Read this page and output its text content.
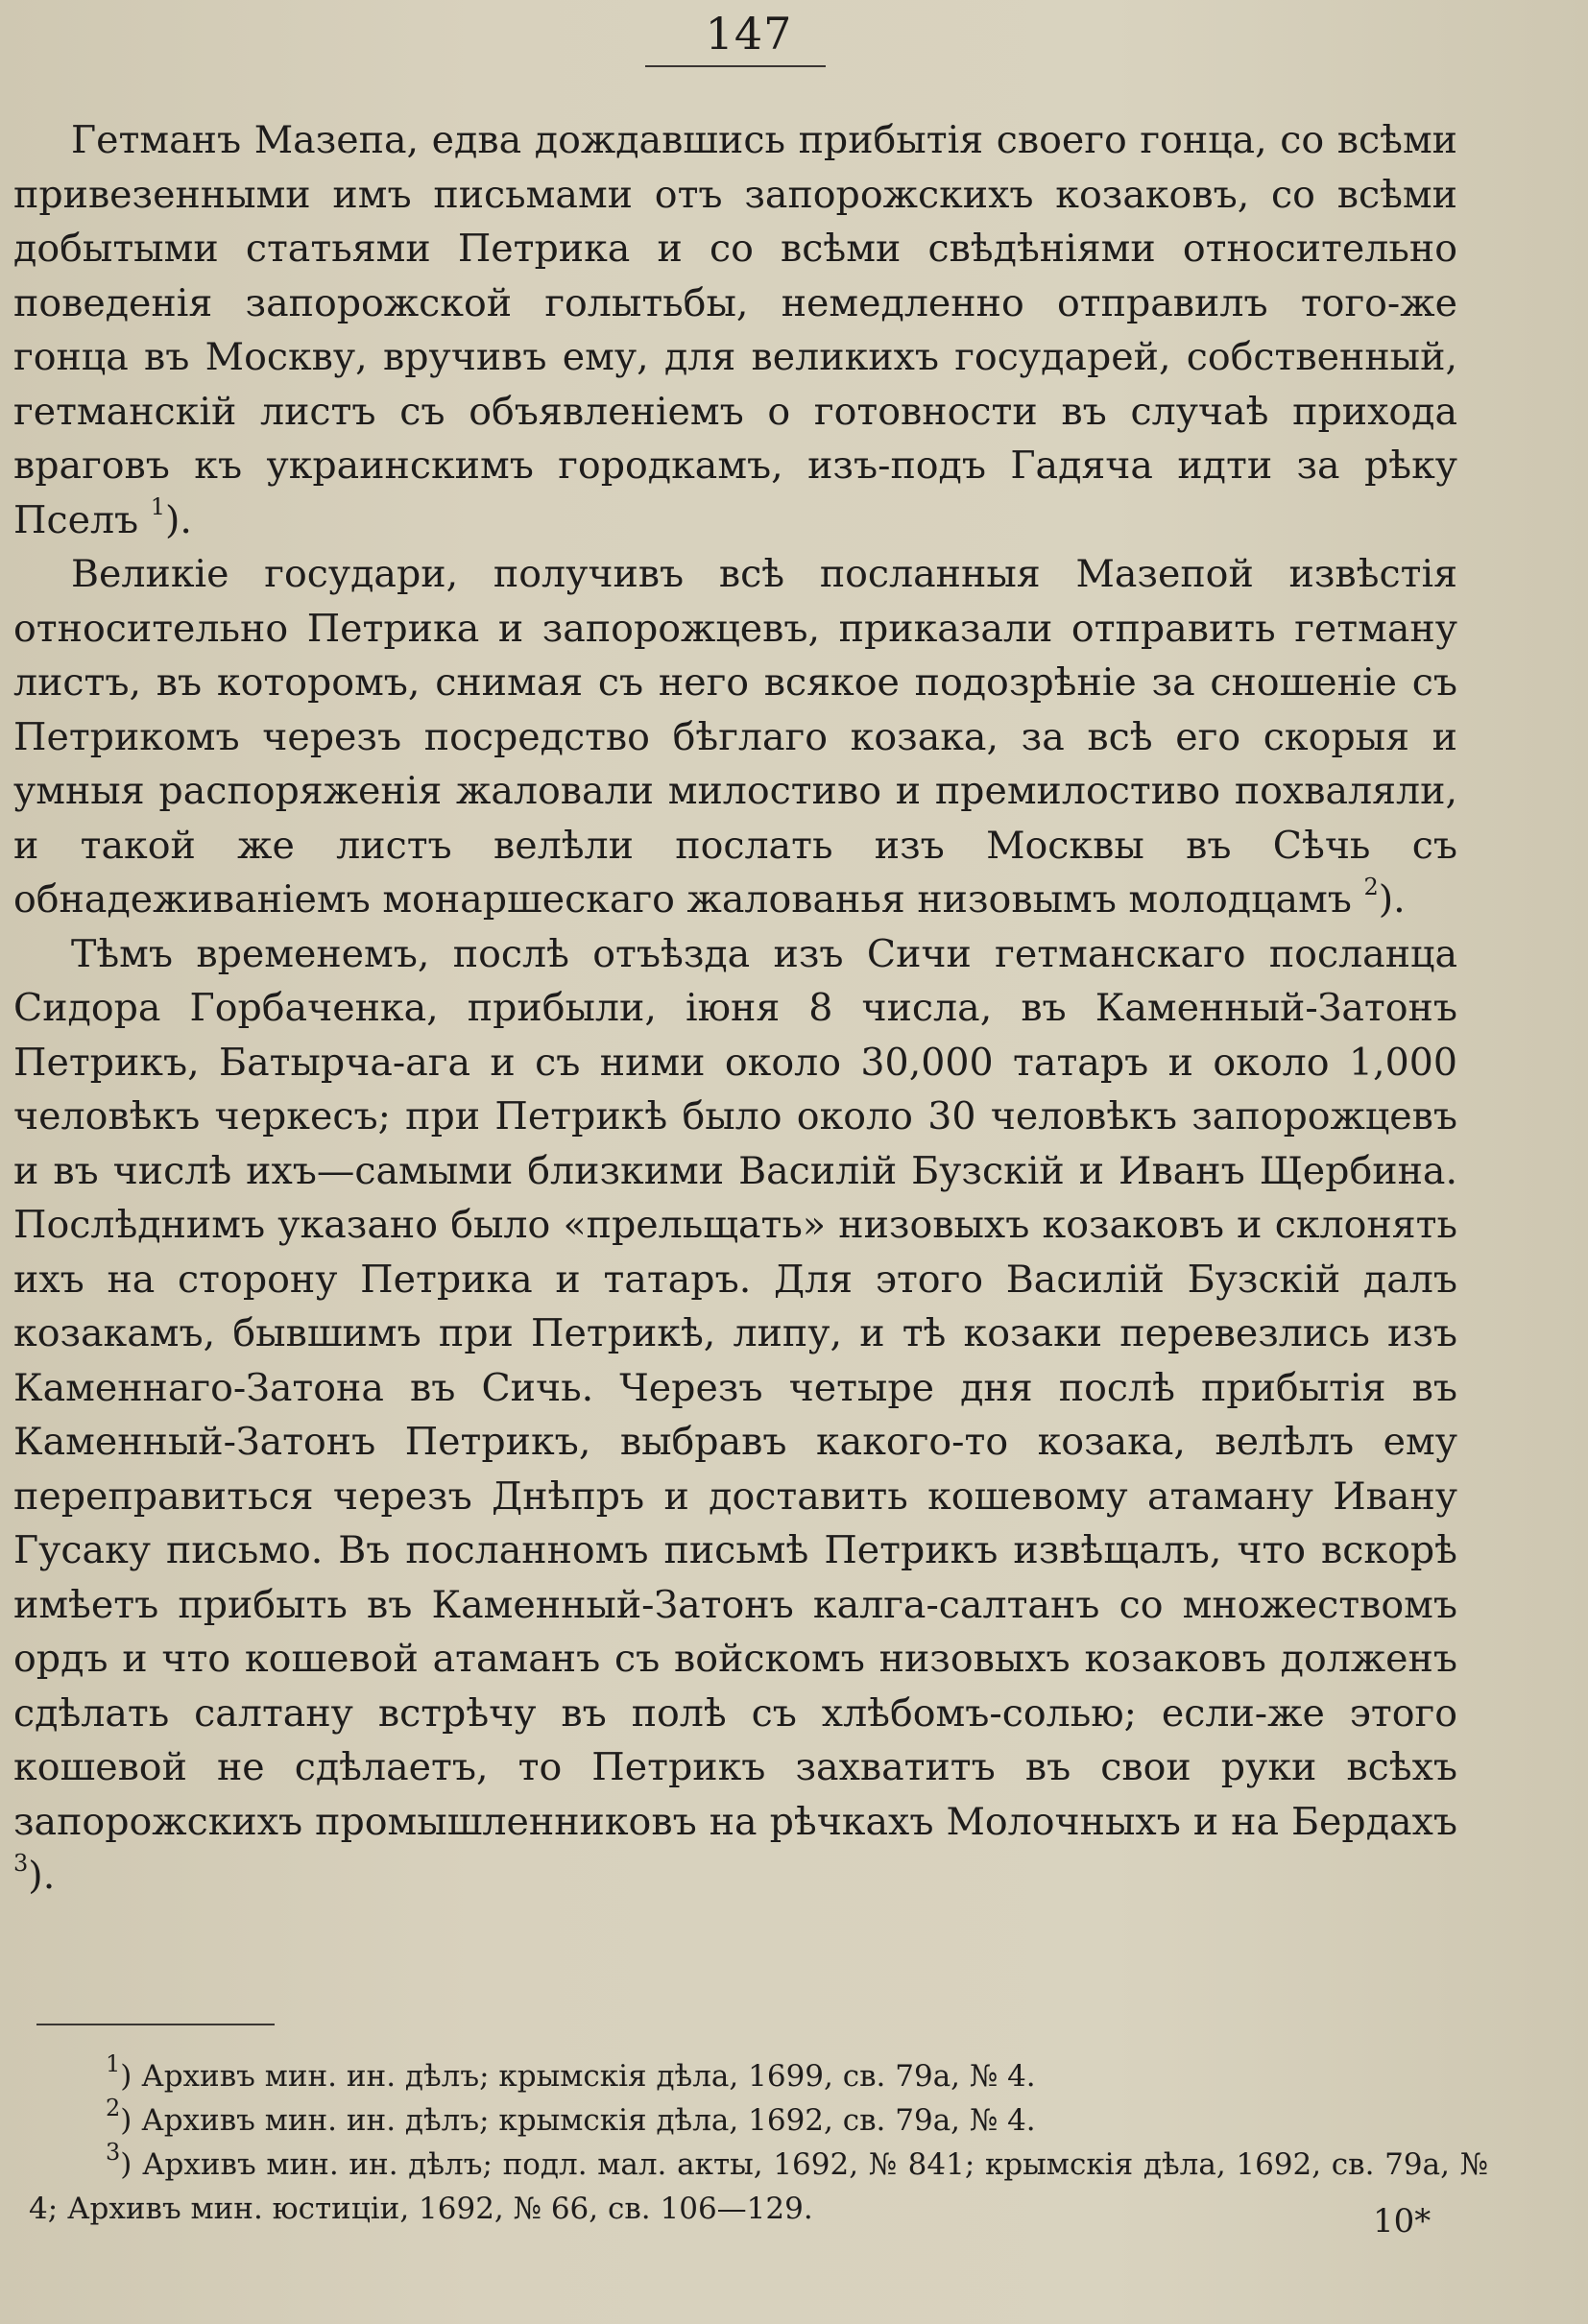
147

Гетманъ Мазепа, едва дождавшись прибытія своего гонца, со всѣми привезенными имъ письмами отъ запорожскихъ козаковъ, со всѣми добытыми статьями Петрика и со всѣми свѣдѣніями относительно поведенія запорожской голытьбы, немедленно отправилъ того-же гонца въ Москву, вручивъ ему, для великихъ государей, собственный, гетманскій листъ съ объявленіемъ о готовности въ случаѣ прихода враговъ къ украинскимъ городкамъ, изъ-подъ Гадяча идти за рѣку Пселъ $^1$).

Великіе государи, получивъ всѣ посланныя Мазепой извѣстія относительно Петрика и запорожцевъ, приказали отправить гетману листъ, въ которомъ, снимая съ него всякое подозрѣніе за сношеніе съ Петрикомъ черезъ посредство бѣглаго козака, за всѣ его скорыя и умныя распоряженія жаловали милостиво и премилостиво похваляли, и такой же листъ велѣли послать изъ Москвы въ Сѣчь съ обнадеживаніемъ монаршескаго жалованья низовымъ молодцамъ $^2$).

Тѣмъ временемъ, послѣ отъѣзда изъ Сичи гетманскаго посланца Сидора Горбаченка, прибыли, іюня 8 числа, въ Каменный-Затонъ Петрикъ, Батырча-ага и съ ними около 30,000 татаръ и около 1,000 человѣкъ черкесъ; при Петрикѣ было около 30 человѣкъ запорожцевъ и въ числѣ ихъ—самыми близкими Василій Бузскій и Иванъ Щербина. Послѣднимъ указано было «прельщать» низовыхъ козаковъ и склонять ихъ на сторону Петрика и татаръ. Для этого Василій Бузскій далъ козакамъ, бывшимъ при Петрикѣ, липу, и тѣ козаки перевезлись изъ Каменнаго-Затона въ Сичь. Черезъ четыре дня послѣ прибытія въ Каменный-Затонъ Петрикъ, выбравъ какого-то козака, велѣлъ ему переправиться черезъ Днѣпръ и доставить кошевому атаману Ивану Гусаку письмо. Въ посланномъ письмѣ Петрикъ извѣщалъ, что вскорѣ имѣетъ прибыть въ Каменный-Затонъ калга-салтанъ со множествомъ ордъ и что кошевой атаманъ съ войскомъ низовыхъ козаковъ долженъ сдѣлать салтану встрѣчу въ полѣ съ хлѣбомъ-солью; если-же этого кошевой не сдѣлаетъ, то Петрикъ захватитъ въ свои руки всѣхъ запорожскихъ промышленниковъ на рѣчкахъ Молочныхъ и на Бердахъ $^3$).

$^1$) Архивъ мин. ин. дѣлъ; крымскія дѣла, 1699, св. 79а, № 4.
$^2$) Архивъ мин. ин. дѣлъ; крымскія дѣла, 1692, св. 79а, № 4.
$^3$) Архивъ мин. ин. дѣлъ; подл. мал. акты, 1692, № 841; крымскія дѣла, 1692, св. 79а, № 4; Архивъ мин. юстиціи, 1692, № 66, св. 106—129.	10*
